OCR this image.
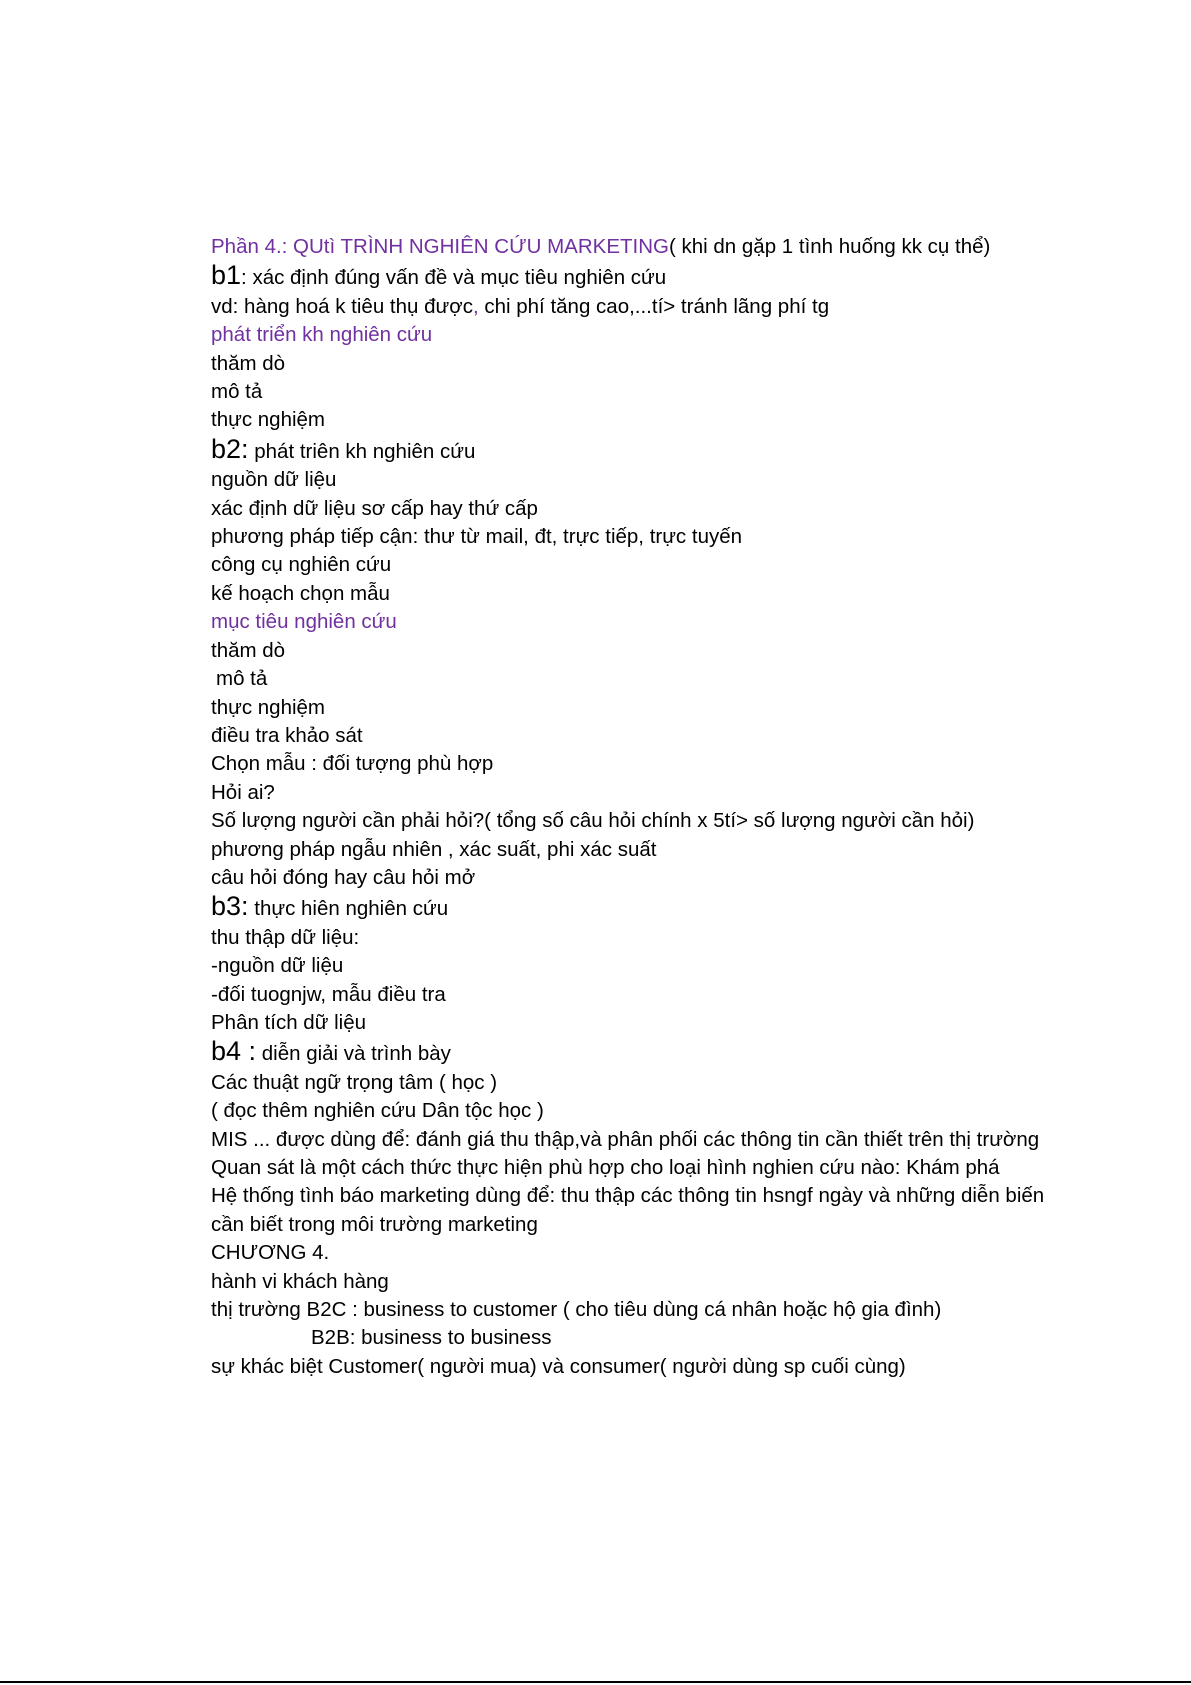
Phần 4.: QUtì TRÌNH NGHIÊN CỨU MARKETING( khi dn gặp 1 tình huống kk cụ thể)
b1: xác định đúng vấn đề và mục tiêu nghiên cứu
vd: hàng hoá k tiêu thụ được, chi phí tăng cao,...tí> tránh lãng phí tg
phát triển kh nghiên cứu
thăm dò
mô tả
thực nghiệm
b2: phát triên kh nghiên cứu
nguồn dữ liệu
xác định dữ liệu sơ cấp hay thứ cấp
phương pháp tiếp cận: thư từ mail, đt, trực tiếp, trực tuyến
công cụ nghiên cứu
kế hoạch chọn mẫu
mục tiêu nghiên cứu
thăm dò
mô tả
thực nghiệm
điều tra khảo sát
Chọn mẫu : đối tượng phù hợp
Hỏi ai?
Số lượng người cần phải hỏi?( tổng số câu hỏi chính x 5tí> số lượng người cần hỏi)
phương pháp ngẫu nhiên , xác suất, phi xác suất
câu hỏi đóng hay câu hỏi mở
b3: thực hiên nghiên cứu
thu thập dữ liệu:
-nguồn dữ liệu
-đối tuognjw, mẫu điều tra
Phân tích dữ liệu
b4 : diễn giải và trình bày
Các thuật ngữ trọng tâm ( học )
( đọc thêm nghiên cứu Dân tộc học )
MIS ... được dùng để: đánh giá thu thập,và phân phối các thông tin cần thiết trên thị trường
Quan sát là một cách thức thực hiện phù hợp cho loại hình nghien cứu nào: Khám phá
Hệ thống tình báo marketing dùng để: thu thập các thông tin hsngf ngày và những diễn biến cần biết trong môi trường marketing
CHƯƠNG 4.
hành vi khách hàng
thị trường B2C : business to customer ( cho tiêu dùng cá nhân hoặc hộ gia đình)
B2B: business to business
sự khác biệt Customer( người mua) và consumer( người dùng sp cuối cùng)
